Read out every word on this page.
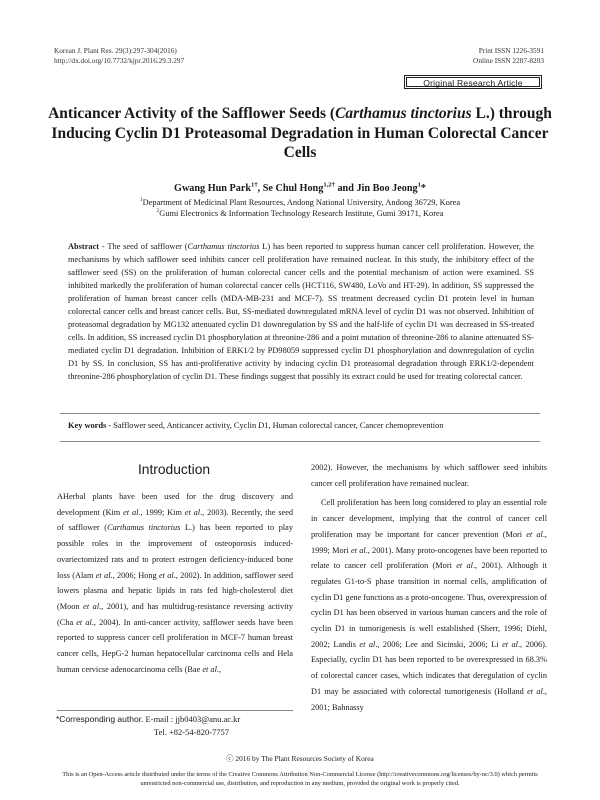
Korean J. Plant Res. 29(3):297-304(2016)
http://dx.doi.org/10.7732/kjpr.2016.29.3.297
Print ISSN 1226-3591
Online ISSN 2287-8203
Original Research Article
Anticancer Activity of the Safflower Seeds (Carthamus tinctorius L.) through Inducing Cyclin D1 Proteasomal Degradation in Human Colorectal Cancer Cells
Gwang Hun Park$^{1\dagger}$, Se Chul Hong$^{1,2\dagger}$ and Jin Boo Jeong$^1$*
$^1$Department of Medicinal Plant Resources, Andong National University, Andong 36729, Korea
$^2$Gumi Electronics & Information Technology Research Institute, Gumi 39171, Korea
Abstract - The seed of safflower (Carthamus tinctorius L) has been reported to suppress human cancer cell proliferation. However, the mechanisms by which safflower seed inhibits cancer cell proliferation have remained nuclear. In this study, the inhibitory effect of the safflower seed (SS) on the proliferation of human colorectal cancer cells and the potential mechanism of action were examined. SS inhibited markedly the proliferation of human colorectal cancer cells (HCT116, SW480, LoVo and HT-29). In addition, SS suppressed the proliferation of human breast cancer cells (MDA-MB-231 and MCF-7). SS treatment decreased cyclin D1 protein level in human colorectal cancer cells and breast cancer cells. But, SS-mediated downregulated mRNA level of cyclin D1 was not observed. Inhibition of proteasomal degradation by MG132 attenuated cyclin D1 downregulation by SS and the half-life of cyclin D1 was decreased in SS-treated cells. In addition, SS increased cyclin D1 phosphorylation at threonine-286 and a point mutation of threonine-286 to alanine attenuated SS-mediated cyclin D1 degradation. Inhibition of ERK1/2 by PD98059 suppressed cyclin D1 phosphorylation and downregulation of cyclin D1 by SS. In conclusion, SS has anti-proliferative activity by inducing cyclin D1 proteasomal degradation through ERK1/2-dependent threonine-286 phosphorylation of cyclin D1. These findings suggest that possibly its extract could be used for treating colorectal cancer.
Key words - Safflower seed, Anticancer activity, Cyclin D1, Human colorectal cancer, Cancer chemoprevention
Introduction

AHerbal plants have been used for the drug discovery and development (Kim et al., 1999; Kim et al., 2003). Recently, the seed of safflower (Carthamus tinctorius L.) has been reported to play possible roles in the improvement of osteoporosis induced-ovariectomized rats and to protect estrogen deficiency-induced bone loss (Alam et al., 2006; Hong et al., 2002). In addition, safflower seed lowers plasma and hepatic lipids in rats fed high-cholesterol diet (Moon et al., 2001), and has multidrug-resistance reversing activity (Cha et al., 2004). In anti-cancer activity, safflower seeds have been reported to suppress cancer cell proliferation in MCF-7 human breast cancer cells, HepG-2 human hepatocellular carcinoma cells and Hela human cervicse adenocarcinoma cells (Bae et al.,

2002). However, the mechanisms by which safflower seed inhibits cancer cell proliferation have remained nuclear.

Cell proliferation has been long considered to play an essential role in cancer development, implying that the control of cancer cell proliferation may be important for cancer prevention (Mori et al., 1999; Mori et al., 2001). Many proto-oncogenes have been reported to relate to cancer cell proliferation (Mori et al., 2001). Although it regulates G1-to-S phase transition in normal cells, amplification of cyclin D1 gene functions as a proto-oncogene. Thus, overexpression of cyclin D1 has been observed in various human cancers and the role of cyclin D1 in tumorigenesis is well established (Sherr, 1996; Diehl, 2002; Landis et al., 2006; Lee and Sicinski, 2006; Li et al., 2006). Especially, cyclin D1 has been reported to be overexpressed in 68.3% of colorectal cancer cases, which indicates that deregulation of cyclin D1 may be associated with colorectal tumorigenesis (Holland et al., 2001; Bahnassy

*Corresponding author. E-mail : jjb0403@anu.ac.kr
Tel. +82-54-820-7757
ⓒ 2016 by The Plant Resources Society of Korea
This is an Open-Access article distributed under the terms of the Creative Commons Attribution Non-Commercial License (http://creativecommons.org/licenses/by-nc/3.0) which permits unrestricted non-commercial use, distribution, and reproduction in any medium, provided the original work is properly cited.
